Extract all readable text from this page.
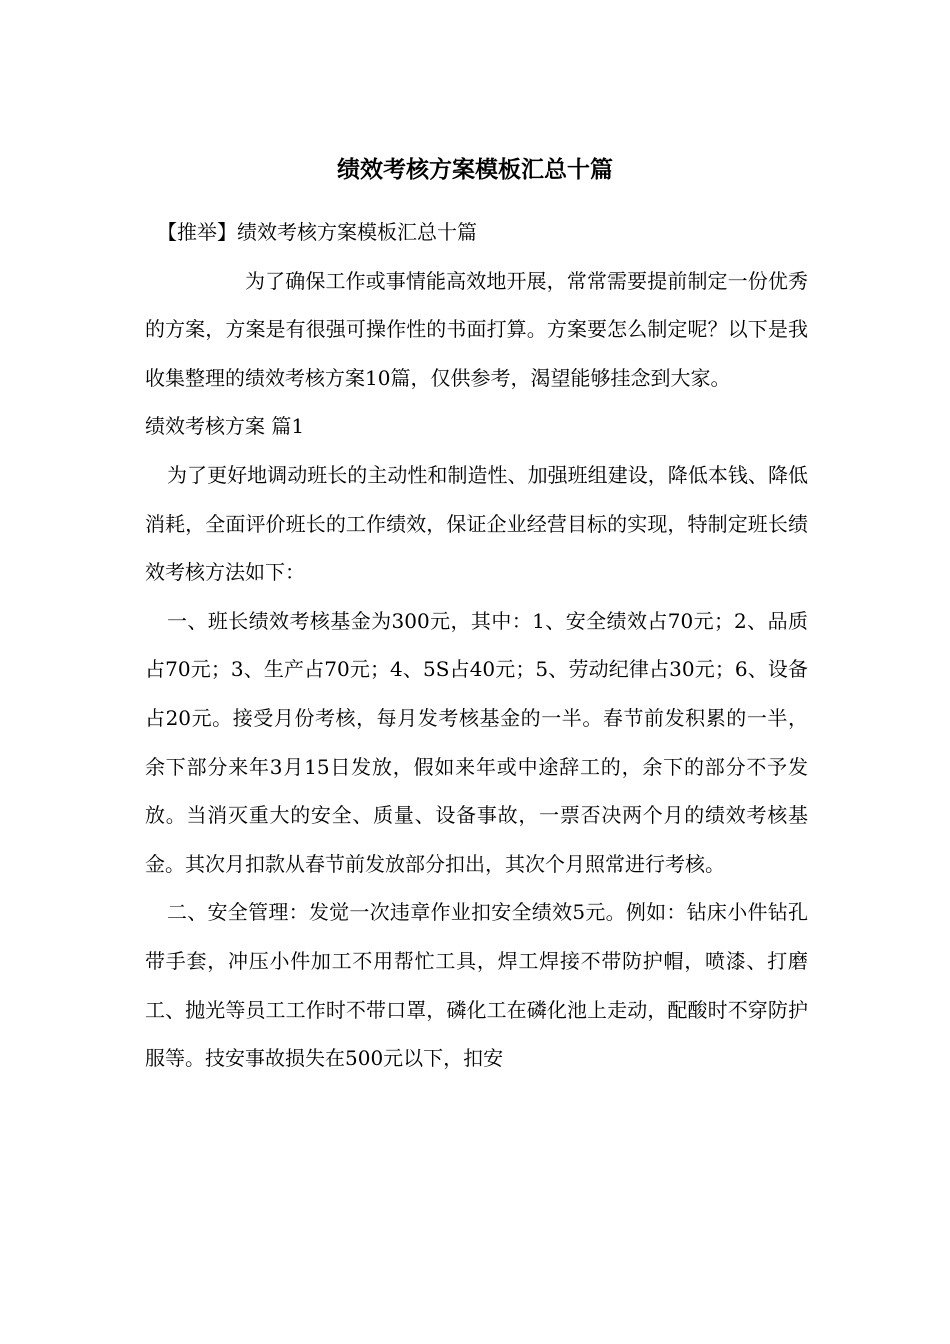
绩效考核方案模板汇总十篇

【推举】绩效考核方案模板汇总十篇

为了确保工作或事情能高效地开展，常常需要提前制定一份优秀的方案，方案是有很强可操作性的书面打算。方案要怎么制定呢？以下是我收集整理的绩效考核方案10篇，仅供参考，渴望能够挂念到大家。

绩效考核方案 篇1

为了更好地调动班长的主动性和制造性、加强班组建设，降低本钱、降低消耗，全面评价班长的工作绩效，保证企业经营目标的实现，特制定班长绩效考核方法如下：

一、班长绩效考核基金为300元，其中：1、安全绩效占70元；2、品质占70元；3、生产占70元；4、5S占40元；5、劳动纪律占30元；6、设备占20元。接受月份考核，每月发考核基金的一半。春节前发积累的一半，余下部分来年3月15日发放，假如来年或中途辞工的，余下的部分不予发放。当消灭重大的安全、质量、设备事故，一票否决两个月的绩效考核基金。其次月扣款从春节前发放部分扣出，其次个月照常进行考核。

二、安全管理：发觉一次违章作业扣安全绩效5元。例如：钻床小件钻孔带手套，冲压小件加工不用帮忙工具，焊工焊接不带防护帽，喷漆、打磨工、抛光等员工工作时不带口罩，磷化工在磷化池上走动，配酸时不穿防护服等。技安事故损失在500元以下，扣安
